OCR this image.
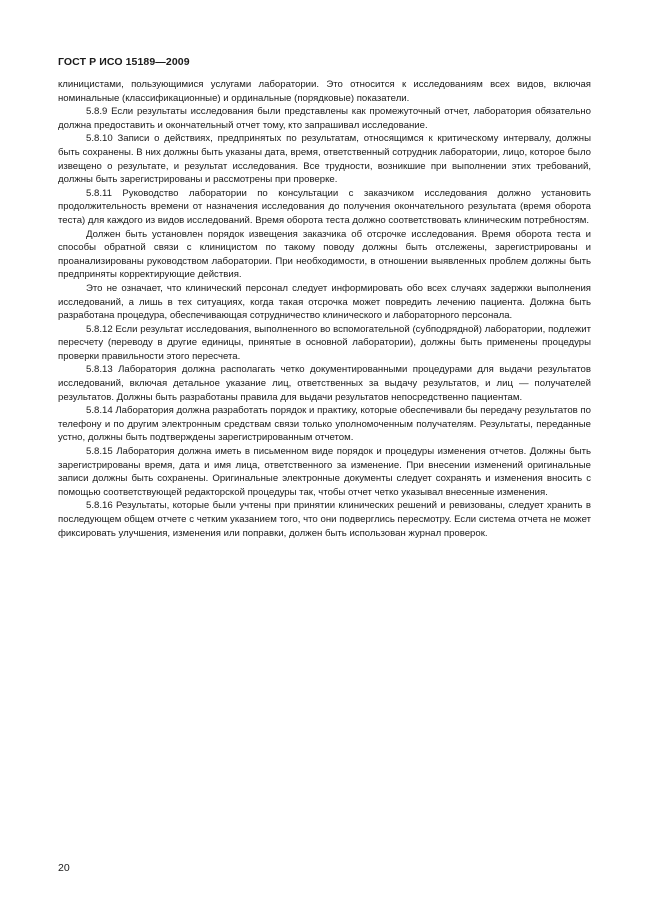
ГОСТ Р ИСО 15189—2009

клиницистами, пользующимися услугами лаборатории. Это относится к исследованиям всех видов, включая номинальные (классификационные) и ординальные (порядковые) показатели.

5.8.9 Если результаты исследования были представлены как промежуточный отчет, лаборатория обязательно должна предоставить и окончательный отчет тому, кто запрашивал исследование.

5.8.10 Записи о действиях, предпринятых по результатам, относящимся к критическому интервалу, должны быть сохранены. В них должны быть указаны дата, время, ответственный сотрудник лаборатории, лицо, которое было извещено о результате, и результат исследования. Все трудности, возникшие при выполнении этих требований, должны быть зарегистрированы и рассмотрены при проверке.

5.8.11 Руководство лаборатории по консультации с заказчиком исследования должно установить продолжительность времени от назначения исследования до получения окончательного результата (время оборота теста) для каждого из видов исследований. Время оборота теста должно соответствовать клиническим потребностям.

Должен быть установлен порядок извещения заказчика об отсрочке исследования. Время оборота теста и способы обратной связи с клиницистом по такому поводу должны быть отслежены, зарегистрированы и проанализированы руководством лаборатории. При необходимости, в отношении выявленных проблем должны быть предприняты корректирующие действия.

Это не означает, что клинический персонал следует информировать обо всех случаях задержки выполнения исследований, а лишь в тех ситуациях, когда такая отсрочка может повредить лечению пациента. Должна быть разработана процедура, обеспечивающая сотрудничество клинического и лабораторного персонала.

5.8.12 Если результат исследования, выполненного во вспомогательной (субподрядной) лаборатории, подлежит пересчету (переводу в другие единицы, принятые в основной лаборатории), должны быть применены процедуры проверки правильности этого пересчета.

5.8.13 Лаборатория должна располагать четко документированными процедурами для выдачи результатов исследований, включая детальное указание лиц, ответственных за выдачу результатов, и лиц — получателей результатов. Должны быть разработаны правила для выдачи результатов непосредственно пациентам.

5.8.14 Лаборатория должна разработать порядок и практику, которые обеспечивали бы передачу результатов по телефону и по другим электронным средствам связи только уполномоченным получателям. Результаты, переданные устно, должны быть подтверждены зарегистрированным отчетом.

5.8.15 Лаборатория должна иметь в письменном виде порядок и процедуры изменения отчетов. Должны быть зарегистрированы время, дата и имя лица, ответственного за изменение. При внесении изменений оригинальные записи должны быть сохранены. Оригинальные электронные документы следует сохранять и изменения вносить с помощью соответствующей редакторской процедуры так, чтобы отчет четко указывал внесенные изменения.

5.8.16 Результаты, которые были учтены при принятии клинических решений и ревизованы, следует хранить в последующем общем отчете с четким указанием того, что они подверглись пересмотру. Если система отчета не может фиксировать улучшения, изменения или поправки, должен быть использован журнал проверок.

20
